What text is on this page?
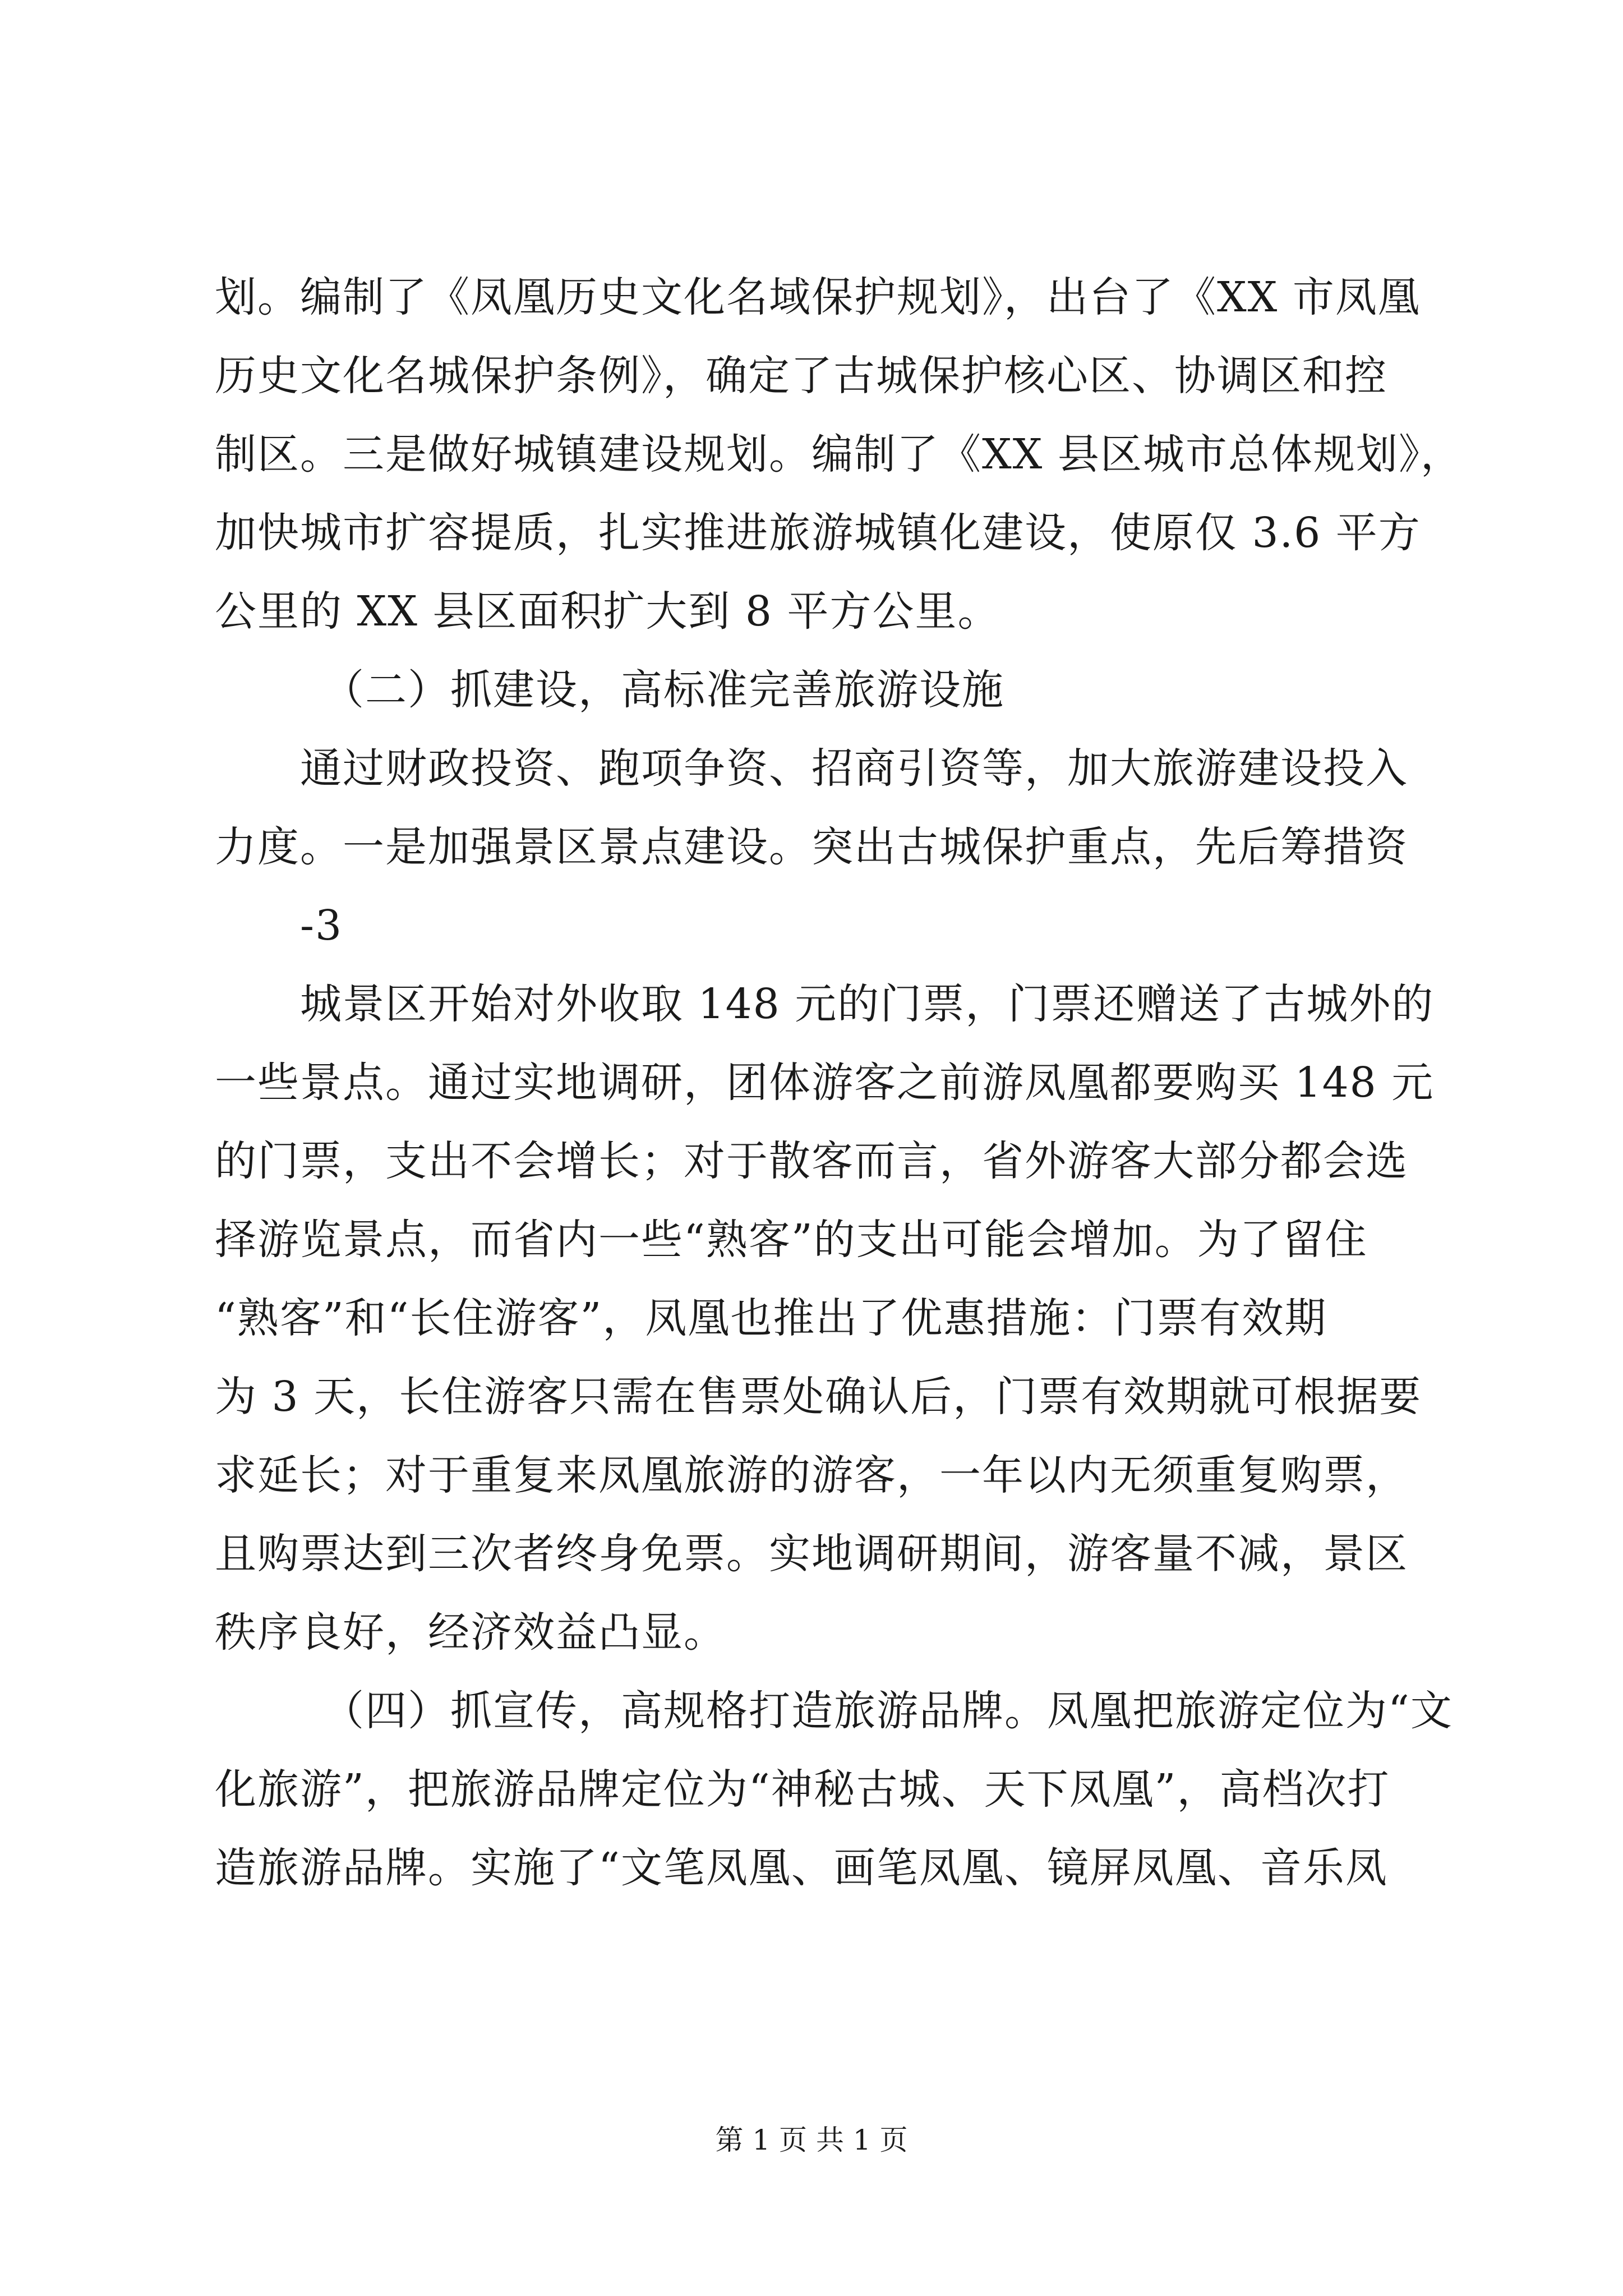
划。编制了《凤凰历史文化名域保护规划》，出台了《XX 市凤凰
历史文化名城保护条例》，确定了古城保护核心区、协调区和控
制区。三是做好城镇建设规划。编制了《XX 县区城市总体规划》，
加快城市扩容提质，扎实推进旅游城镇化建设，使原仅 3.6 平方
公里的 XX 县区面积扩大到 8 平方公里。
（二）抓建设，高标准完善旅游设施
通过财政投资、跑项争资、招商引资等，加大旅游建设投入
力度。一是加强景区景点建设。突出古城保护重点，先后筹措资
-3
城景区开始对外收取 148 元的门票，门票还赠送了古城外的
一些景点。通过实地调研，团体游客之前游凤凰都要购买 148 元
的门票，支出不会增长；对于散客而言，省外游客大部分都会选
择游览景点，而省内一些“熟客”的支出可能会增加。为了留住
“熟客”和“长住游客”，凤凰也推出了优惠措施：门票有效期
为 3 天，长住游客只需在售票处确认后，门票有效期就可根据要
求延长；对于重复来凤凰旅游的游客，一年以内无须重复购票，
且购票达到三次者终身免票。实地调研期间，游客量不减，景区
秩序良好，经济效益凸显。
（四）抓宣传，高规格打造旅游品牌。凤凰把旅游定位为“文
化旅游”，把旅游品牌定位为“神秘古城、天下凤凰”，高档次打
造旅游品牌。实施了“文笔凤凰、画笔凤凰、镜屏凤凰、音乐凤
第 1 页 共 1 页
